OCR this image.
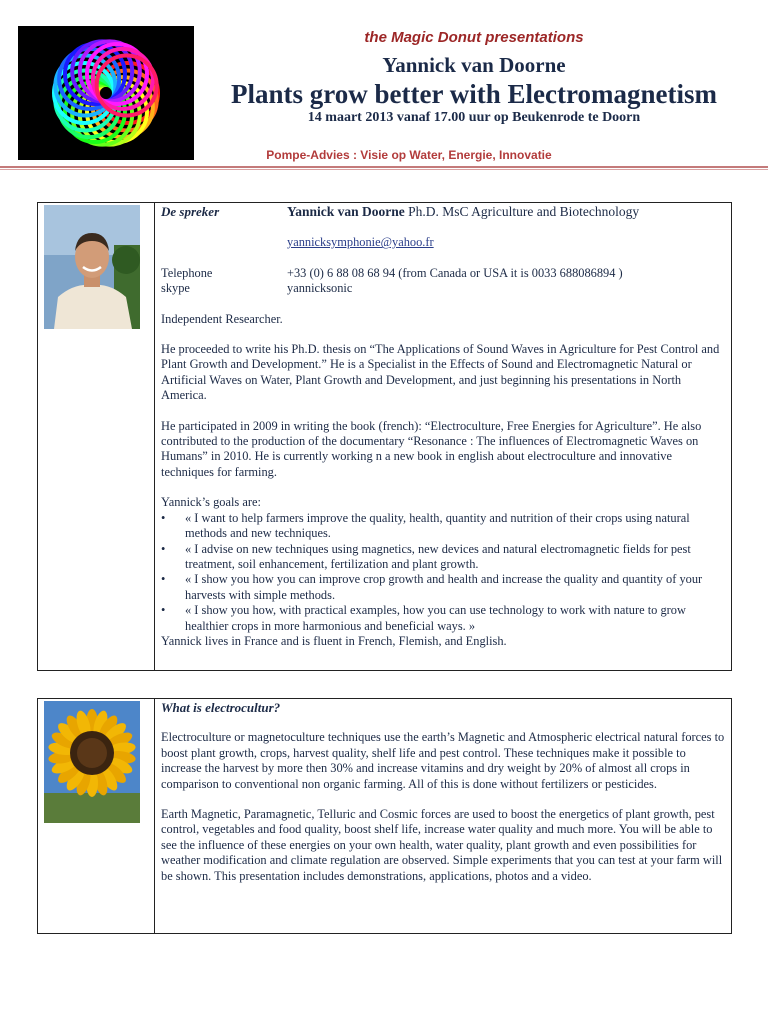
the Magic Donut presentations
Yannick van Doorne
Plants grow better with Electromagnetism
14 maart 2013 vanaf 17.00 uur op Beukenrode te Doorn
Pompe-Advies : Visie op Water, Energie, Innovatie
De spreker	Yannick van Doorne Ph.D. MsC Agriculture and Biotechnology
yannicksymphonie@yahoo.fr
Telephone	+33 (0) 6 88 08 68 94 (from Canada or USA it is 0033 688086894 )
skype	yannicksonic

Independent Researcher.

He proceeded to write his Ph.D. thesis on “The Applications of Sound Waves in Agriculture for Pest Control and Plant Growth and Development.” He is a Specialist in the Effects of Sound and Electromagnetic Natural or Artificial Waves on Water, Plant Growth and Development, and just beginning his presentations in North America.

He participated in 2009 in writing the book (french): “Electroculture, Free Energies for Agriculture”. He also contributed to the production of the documentary “Resonance : The influences of Electromagnetic Waves on Humans” in 2010. He is currently working n a new book in english about electroculture and innovative techniques for farming.

Yannick’s goals are:

•	« I want to help farmers improve the quality, health, quantity and nutrition of their crops using natural methods and new techniques.
•	« I advise on new techniques using magnetics, new devices and natural electromagnetic fields for pest treatment, soil enhancement, fertilization and plant growth.
•	« I show you how you can improve crop growth and health and increase the quality and quantity of your harvests with simple methods.
•	« I show you how, with practical examples, how you can use technology to work with nature to grow healthier crops in more harmonious and beneficial ways. »

Yannick lives in France and is fluent in French, Flemish, and English.

What is electrocultur?

Electroculture or magnetoculture techniques use the earth’s Magnetic and Atmospheric electrical natural forces to boost plant growth, crops, harvest quality, shelf life and pest control. These techniques make it possible to increase the harvest by more then 30% and increase vitamins and dry weight by 20% of almost all crops in comparison to conventional non organic farming. All of this is done without fertilizers or pesticides.

Earth Magnetic, Paramagnetic, Telluric and Cosmic forces are used to boost the energetics of plant growth, pest control, vegetables and food quality, boost shelf life, increase water quality and much more. You will be able to see the influence of these energies on your own health, water quality, plant growth and even possibilities for weather modification and climate regulation are observed. Simple experiments that you can test at your farm will be shown. This presentation includes demonstrations, applications, photos and a video.
